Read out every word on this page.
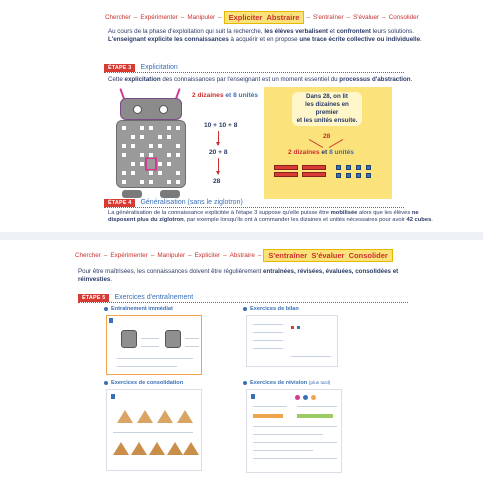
Chercher – Expérimenter – Manipuler – Expliciter Abstraire	– S'entraîner – S'évaluer – Consolider

Au cours de la phase d'exploitation qui suit la recherche, les élèves verbalisent et confrontent leurs solutions. L'enseignant explicite les connaissances à acquérir et en propose une trace écrite collective ou individuelle.

ÉTAPE 3	Explicitation

Cette explicitation des connaissances par l'enseignant est un moment essentiel du processus d'abstraction.

2 dizaines et 8 unités
10 + 10 + 8
20 + 8
28
Dans 28, on lit
les dizaines en premier
et les unités ensuite.
28
2 dizaines et 8 unités
ÉTAPE 4	Généralisation (sans le ziglotron)

La généralisation de la connaissance explicitée à l'étape 3 suppose qu'elle puisse être mobilisée alors que les élèves ne disposent plus du ziglotron, par exemple lorsqu'ils ont à commander les dizaines et unités nécessaires pour avoir 42 cubes.

Chercher – Expérimenter – Manipuler – Expliciter – Abstraire – S'entraîner S'évaluer Consolider

Pour être maîtrisées, les connaissances doivent être régulièrement entraînées, révisées, évaluées, consolidées et réinvesties.

ÉTAPE 5	Exercices d'entraînement
Entraînement immédiat	Exercices de bilan
Exercices de consolidation	Exercices de révision
(plus tard)
